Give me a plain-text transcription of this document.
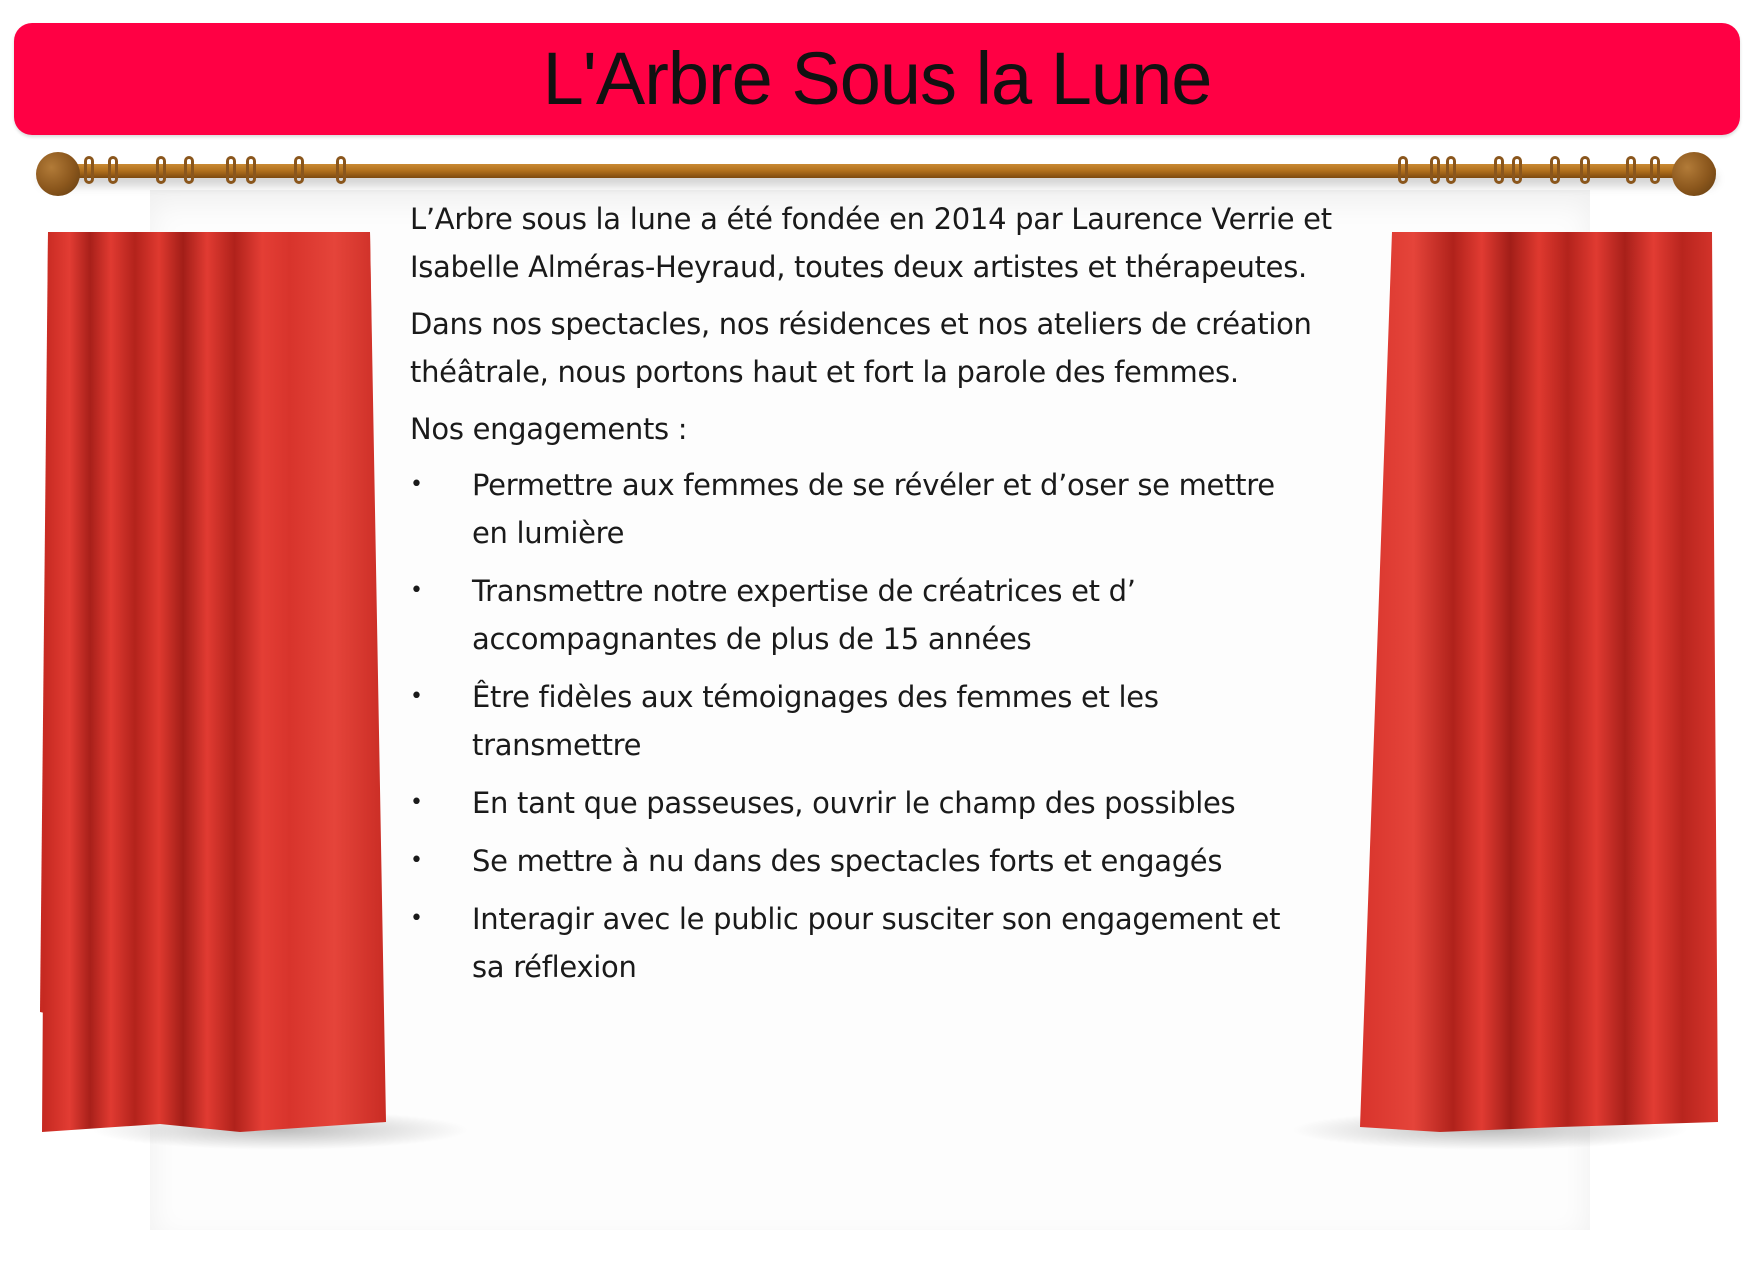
L'Arbre Sous la Lune

L’Arbre sous la lune a été fondée en 2014 par Laurence Verrie et Isabelle Alméras-Heyraud, toutes deux artistes et thérapeutes.

Dans nos spectacles, nos résidences et nos ateliers de création théâtrale, nous portons haut et fort la parole des femmes.

Nos engagements :

• Permettre aux femmes de se révéler et d’oser se mettre en lumière
• Transmettre notre expertise de créatrices et d’ accompagnantes de plus de 15 années
• Être fidèles aux témoignages des femmes et les transmettre
• En tant que passeuses, ouvrir le champ des possibles
• Se mettre à nu dans des spectacles forts et engagés
• Interagir avec le public pour susciter son engagement et sa réflexion
